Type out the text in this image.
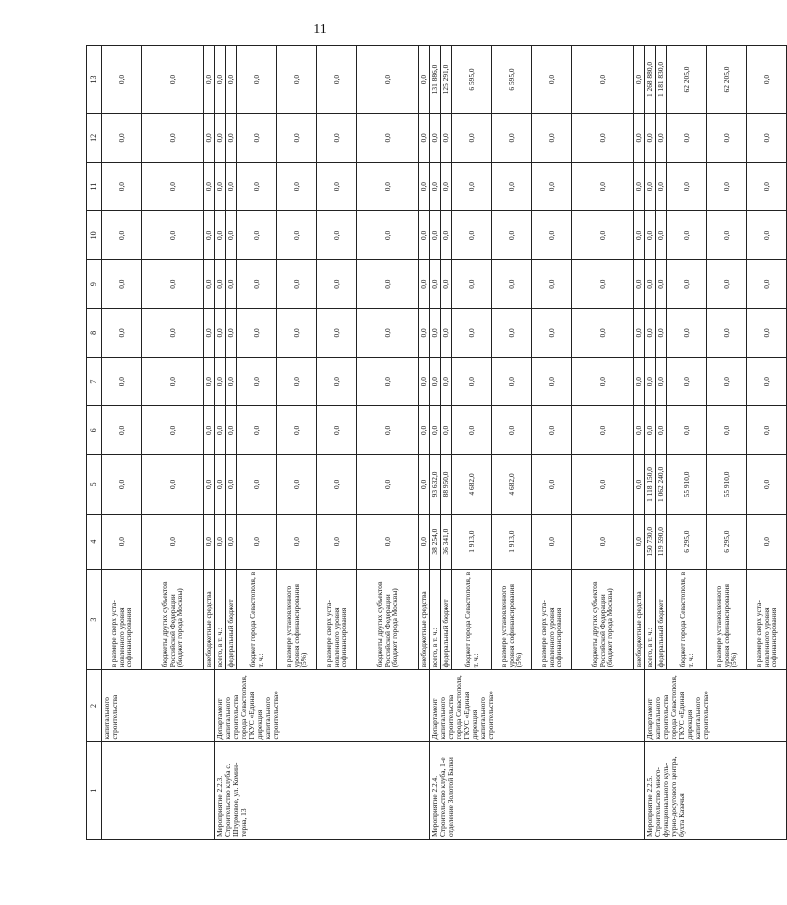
11
1	2	3	4	5	6	7	8	9	10	11	12	13
	капитального строительства	в размере сверх уста-новленного уровня софинансирования	0,0	0,0	0,0	0,0	0,0	0,0	0,0	0,0	0,0	0,0
		бюджеты других субъектов Российской Федерации (бюджет города Москвы)	0,0	0,0	0,0	0,0	0,0	0,0	0,0	0,0	0,0	0,0
		внебюджетные средства	0,0	0,0	0,0	0,0	0,0	0,0	0,0	0,0	0,0	0,0
Мероприятие 2.2.3. Строительство клуба с. Штурмовое, ул. Комин-терна, 13	Департамент капитального строительства города Севастополя, ГКУС «Единая дирекция капитального строительства»	всего, в т. ч.:	0,0	0,0	0,0	0,0	0,0	0,0	0,0	0,0	0,0	0,0
		федеральный бюджет	0,0	0,0	0,0	0,0	0,0	0,0	0,0	0,0	0,0	0,0
		бюджет города Севастополя, в т. ч.:	0,0	0,0	0,0	0,0	0,0	0,0	0,0	0,0	0,0	0,0
		в размере установленного уровня софинансирования (5%)	0,0	0,0	0,0	0,0	0,0	0,0	0,0	0,0	0,0	0,0
		в размере сверх уста-новленного уровня софинансирования	0,0	0,0	0,0	0,0	0,0	0,0	0,0	0,0	0,0	0,0
		бюджеты других субъектов Российской Федерации (бюджет города Москвы)	0,0	0,0	0,0	0,0	0,0	0,0	0,0	0,0	0,0	0,0
		внебюджетные средства	0,0	0,0	0,0	0,0	0,0	0,0	0,0	0,0	0,0	0,0
Мероприятие 2.2.4. Строительство клуба, 1-е отделение Золотой Балки	Департамент капитального строительства города Севастополя, ГКУС «Единая дирекция капитального строительства»	всего, в т. ч.:	38 254,0	93 632,0	0,0	0,0	0,0	0,0	0,0	0,0	0,0	131 886,0
		федеральный бюджет	36 341,0	88 950,0	0,0	0,0	0,0	0,0	0,0	0,0	0,0	125 291,0
		бюджет города Севастополя, в т. ч.:	1 913,0	4 682,0	0,0	0,0	0,0	0,0	0,0	0,0	0,0	6 595,0
		в размере установленного уровня софинансирования (5%)	1 913,0	4 682,0	0,0	0,0	0,0	0,0	0,0	0,0	0,0	6 595,0
		в размере сверх уста-новленного уровня софинансирования	0,0	0,0	0,0	0,0	0,0	0,0	0,0	0,0	0,0	0,0
		бюджеты других субъектов Российской Федерации (бюджет города Москвы)	0,0	0,0	0,0	0,0	0,0	0,0	0,0	0,0	0,0	0,0
		внебюджетные средства	0,0	0,0	0,0	0,0	0,0	0,0	0,0	0,0	0,0	0,0
Мероприятие 2.2.5. Строительство много-функционального куль-турно-досугового центра, бухта Казачья	Департамент капитального строительства города Севастополя, ГКУС «Единая дирекция капитального строительства»	всего, в т. ч.:	150 730,0	1 118 150,0	0,0	0,0	0,0	0,0	0,0	0,0	0,0	1 268 880,0
		федеральный бюджет	119 590,0	1 062 240,0	0,0	0,0	0,0	0,0	0,0	0,0	0,0	1 181 830,0
		бюджет города Севастополя, в т. ч.:	6 295,0	55 910,0	0,0	0,0	0,0	0,0	0,0	0,0	0,0	62 205,0
		в размере установленного уровня софинансирования (5%)	6 295,0	55 910,0	0,0	0,0	0,0	0,0	0,0	0,0	0,0	62 205,0
		в размере сверх уста-новленного уровня софинансирования	0,0	0,0	0,0	0,0	0,0	0,0	0,0	0,0	0,0	0,0
